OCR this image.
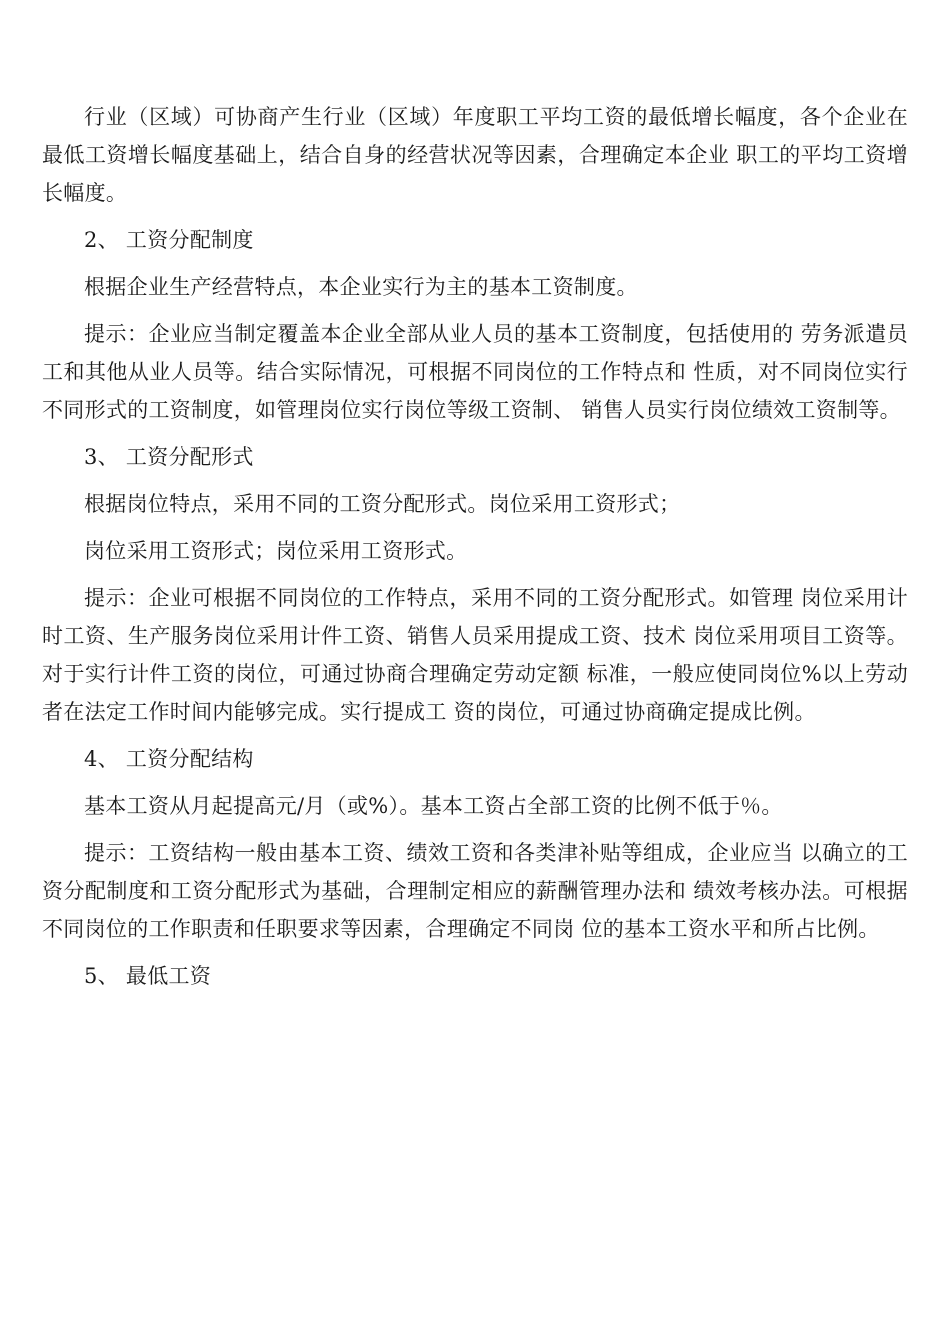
行业（区域）可协商产生行业（区域）年度职工平均工资的最低增长幅度，各个企业在最低工资增长幅度基础上，结合自身的经营状况等因素，合理确定本企业 职工的平均工资增长幅度。

2、 工资分配制度

根据企业生产经营特点，本企业实行为主的基本工资制度。

提示：企业应当制定覆盖本企业全部从业人员的基本工资制度，包括使用的 劳务派遣员工和其他从业人员等。结合实际情况，可根据不同岗位的工作特点和 性质，对不同岗位实行不同形式的工资制度，如管理岗位实行岗位等级工资制、 销售人员实行岗位绩效工资制等。

3、 工资分配形式

根据岗位特点，采用不同的工资分配形式。岗位采用工资形式；

岗位采用工资形式；岗位采用工资形式。

提示：企业可根据不同岗位的工作特点，采用不同的工资分配形式。如管理 岗位采用计时工资、生产服务岗位采用计件工资、销售人员采用提成工资、技术 岗位采用项目工资等。对于实行计件工资的岗位，可通过协商合理确定劳动定额 标准，一般应使同岗位%以上劳动者在法定工作时间内能够完成。实行提成工 资的岗位，可通过协商确定提成比例。

4、 工资分配结构

基本工资从月起提高元/月（或%）。基本工资占全部工资的比例不低于％。

提示：工资结构一般由基本工资、绩效工资和各类津补贴等组成，企业应当 以确立的工资分配制度和工资分配形式为基础，合理制定相应的薪酬管理办法和 绩效考核办法。可根据不同岗位的工作职责和任职要求等因素，合理确定不同岗 位的基本工资水平和所占比例。

5、 最低工资
